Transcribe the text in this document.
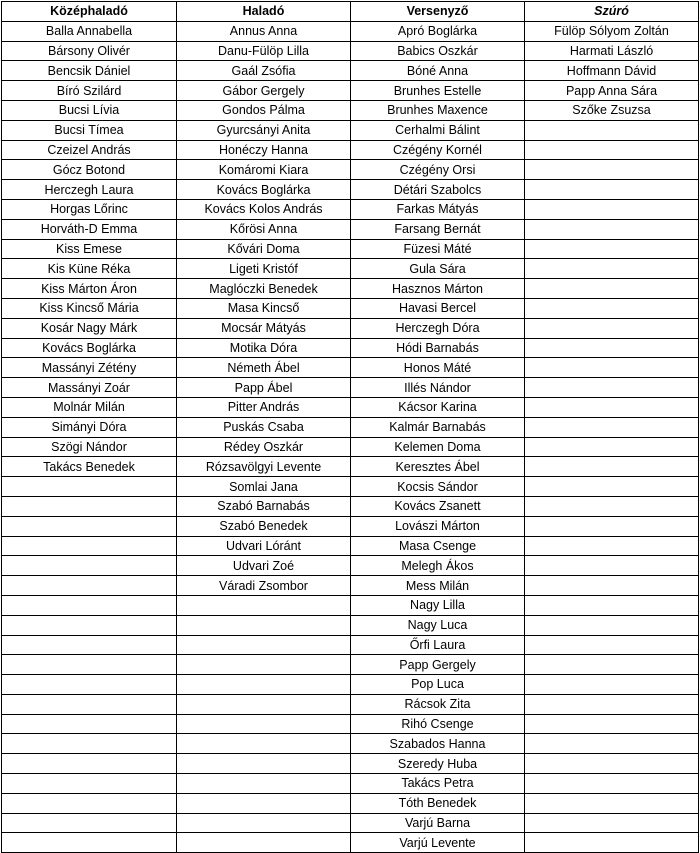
Középhaladó	Haladó	Versenyző	Szúró
Balla Annabella	Annus Anna	Apró Boglárka	Fülöp Sólyom Zoltán
Bársony Olivér	Danu-Fülöp Lilla	Babics Oszkár	Harmati László
Bencsik Dániel	Gaál Zsófia	Bóné Anna	Hoffmann Dávid
Bíró Szilárd	Gábor Gergely	Brunhes Estelle	Papp Anna Sára
Bucsi Lívia	Gondos Pálma	Brunhes Maxence	Szőke Zsuzsa
Bucsi Tímea	Gyurcsányi Anita	Cerhalmi Bálint	
Czeizel András	Honéczy Hanna	Czégény Kornél	
Gócz Botond	Komáromi Kiara	Czégény Orsi	
Herczegh Laura	Kovács Boglárka	Détári Szabolcs	
Horgas Lőrinc	Kovács Kolos András	Farkas Mátyás	
Horváth-D Emma	Kőrösi Anna	Farsang Bernát	
Kiss Emese	Kővári Doma	Füzesi Máté	
Kis Küne Réka	Ligeti Kristóf	Gula Sára	
Kiss Márton Áron	Maglóczki Benedek	Hasznos Márton	
Kiss Kincső Mária	Masa Kincső	Havasi Bercel	
Kosár Nagy Márk	Mocsár Mátyás	Herczegh Dóra	
Kovács Boglárka	Motika Dóra	Hódi Barnabás	
Massányi Zétény	Németh Ábel	Honos Máté	
Massányi Zoár	Papp Ábel	Illés Nándor	
Molnár Milán	Pitter András	Kácsor Karina	
Simányi Dóra	Puskás Csaba	Kalmár Barnabás	
Szögi Nándor	Rédey Oszkár	Kelemen Doma	
Takács Benedek	Rózsavölgyi Levente	Keresztes Ábel	
	Somlai Jana	Kocsis Sándor	
	Szabó Barnabás	Kovács Zsanett	
	Szabó Benedek	Lovászi Márton	
	Udvari Lóránt	Masa Csenge	
	Udvari Zoé	Melegh Ákos	
	Váradi Zsombor	Mess Milán	
		Nagy Lilla	
		Nagy Luca	
		Őrfi Laura	
		Papp Gergely	
		Pop Luca	
		Rácsok Zita	
		Rihó Csenge	
		Szabados Hanna	
		Szeredy Huba	
		Takács Petra	
		Tóth Benedek	
		Varjú Barna	
		Varjú Levente	
